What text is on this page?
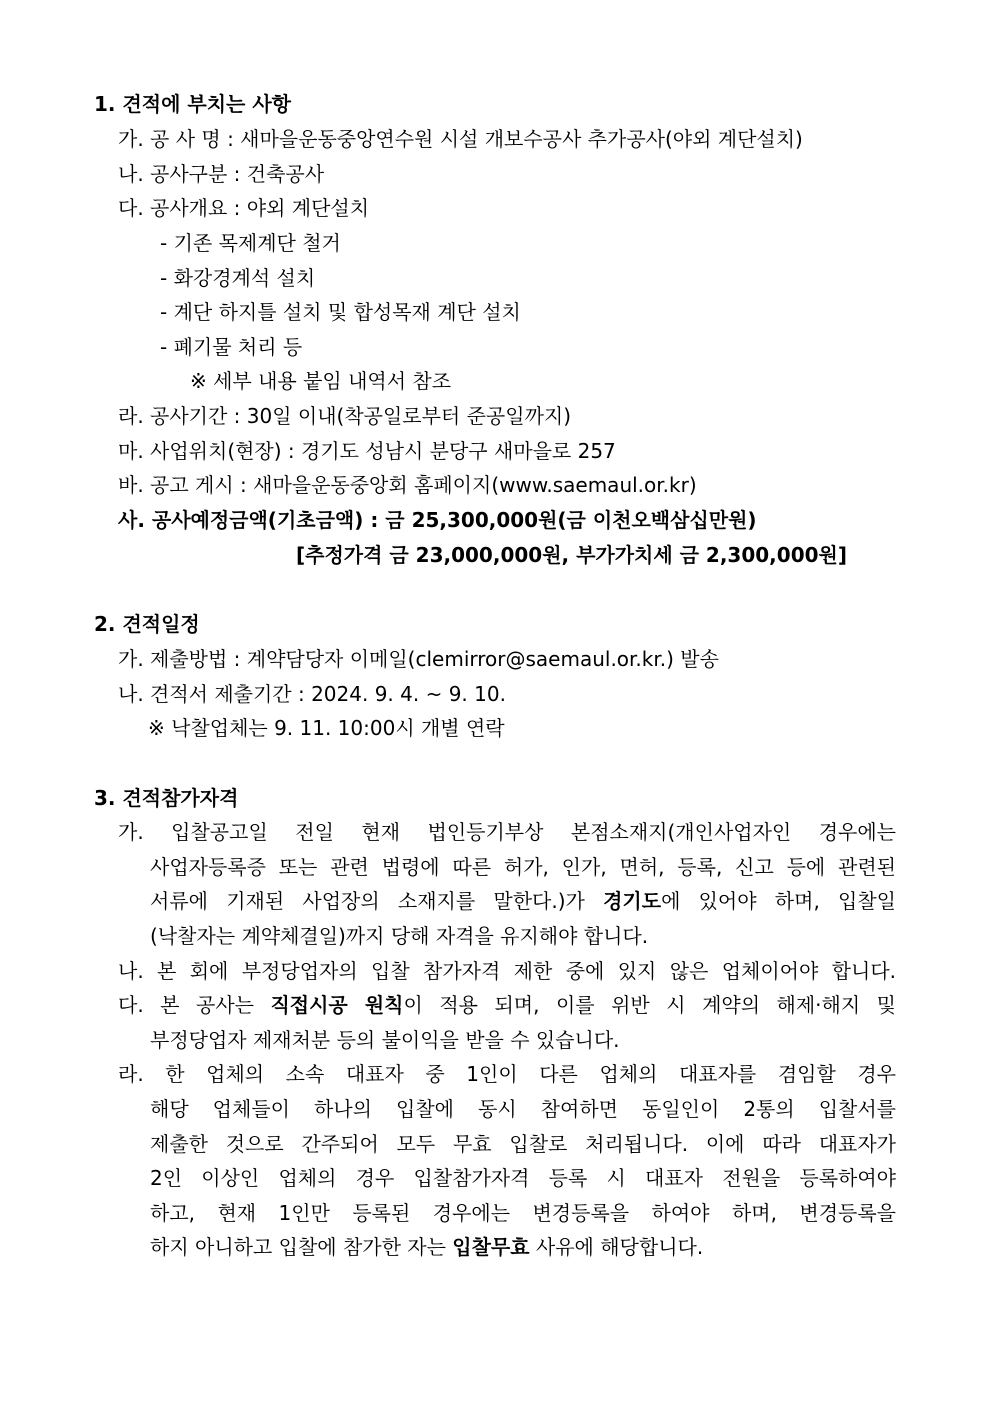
1. 견적에 부치는 사항
가. 공 사 명 : 새마을운동중앙연수원 시설 개보수공사 추가공사(야외 계단설치)
나. 공사구분 : 건축공사
다. 공사개요 : 야외 계단설치
- 기존 목제계단 철거
- 화강경계석 설치
- 계단 하지틀 설치 및 합성목재 계단 설치
- 폐기물 처리 등
※ 세부 내용 붙임 내역서 참조
라. 공사기간 : 30일 이내(착공일로부터 준공일까지)
마. 사업위치(현장) : 경기도 성남시 분당구 새마을로 257
바. 공고 게시 : 새마을운동중앙회 홈페이지(www.saemaul.or.kr)
사. 공사예정금액(기초금액) : 금 25,300,000원(금 이천오백삼십만원)
[추정가격 금 23,000,000원, 부가가치세 금 2,300,000원]
2. 견적일정
가. 제출방법 : 계약담당자 이메일(clemirror@saemaul.or.kr.) 발송
나. 견적서 제출기간 : 2024. 9. 4. ~ 9. 10.
※ 낙찰업체는 9. 11. 10:00시 개별 연락
3. 견적참가자격
가. 입찰공고일 전일 현재 법인등기부상 본점소재지(개인사업자인 경우에는
사업자등록증 또는 관련 법령에 따른 허가, 인가, 면허, 등록, 신고 등에 관련된
서류에 기재된 사업장의 소재지를 말한다.)가 경기도에 있어야 하며, 입찰일
(낙찰자는 계약체결일)까지 당해 자격을 유지해야 합니다.
나. 본 회에 부정당업자의 입찰 참가자격 제한 중에 있지 않은 업체이어야 합니다.
다. 본 공사는 직접시공 원칙이 적용 되며, 이를 위반 시 계약의 해제·해지 및
부정당업자 제재처분 등의 불이익을 받을 수 있습니다.
라. 한 업체의 소속 대표자 중 1인이 다른 업체의 대표자를 겸임할 경우
해당 업체들이 하나의 입찰에 동시 참여하면 동일인이 2통의 입찰서를
제출한 것으로 간주되어 모두 무효 입찰로 처리됩니다. 이에 따라 대표자가
2인 이상인 업체의 경우 입찰참가자격 등록 시 대표자 전원을 등록하여야
하고, 현재 1인만 등록된 경우에는 변경등록을 하여야 하며, 변경등록을
하지 아니하고 입찰에 참가한 자는 입찰무효 사유에 해당합니다.
